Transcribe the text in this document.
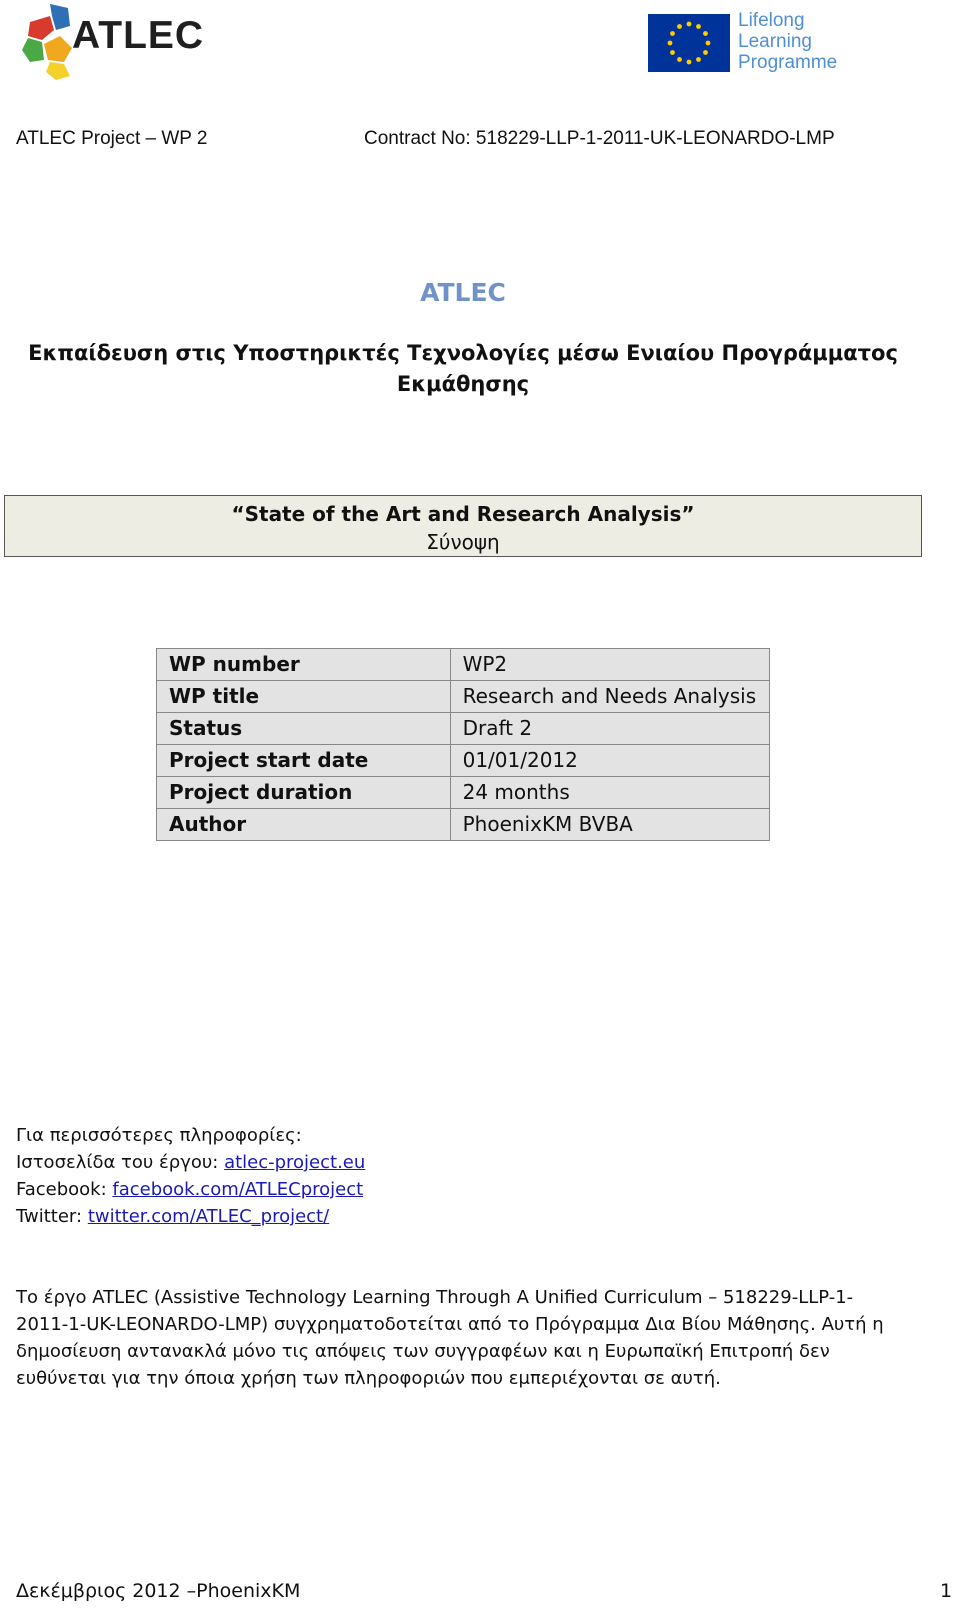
ATLEC	Lifelong
Learning
Programme
ATLEC Project – WP 2	Contract No: 518229-LLP-1-2011-UK-LEONARDO-LMP
ATLEC
Εκπαίδευση στις Υποστηρικτές Τεχνολογίες μέσω Ενιαίου Προγράμματος Εκμάθησης
“State of the Art and Research Analysis”
Σύνοψη
WP number	WP2
WP title	Research and Needs Analysis
Status	Draft 2
Project start date	01/01/2012
Project duration	24 months
Author	PhoenixKM BVBA
Για περισσότερες πληροφορίες:
Ιστοσελίδα του έργου: atlec-project.eu
Facebook: facebook.com/ATLECproject
Twitter: twitter.com/ATLEC_project/
Το έργο ATLEC (Assistive Technology Learning Through A Unified Curriculum – 518229-LLP-1-2011-1-UK-LEONARDO-LMP) συγχρηματοδοτείται από το Πρόγραμμα Δια Βίου Μάθησης. Αυτή η δημοσίευση αντανακλά μόνο τις απόψεις των συγγραφέων και η Ευρωπαϊκή Επιτροπή δεν ευθύνεται για την όποια χρήση των πληροφοριών που εμπεριέχονται σε αυτή.
Δεκέμβριος 2012 –PhoenixKM	1
